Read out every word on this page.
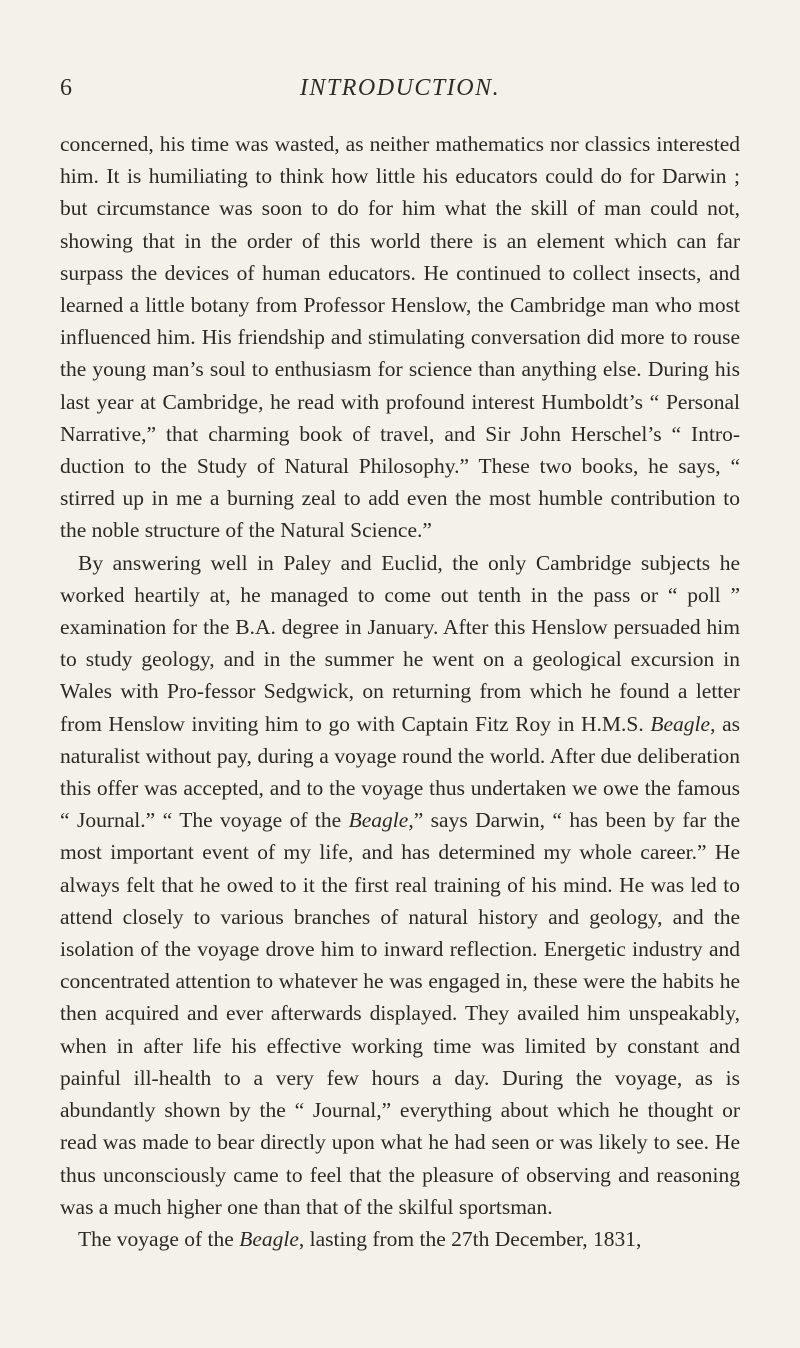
6	INTRODUCTION.

concerned, his time was wasted, as neither mathematics nor classics interested him. It is humiliating to think how little his educators could do for Darwin ; but circumstance was soon to do for him what the skill of man could not, showing that in the order of this world there is an element which can far surpass the devices of human educators. He continued to collect insects, and learned a little botany from Professor Henslow, the Cambridge man who most influenced him. His friendship and stimulating conversation did more to rouse the young man’s soul to enthusiasm for science than anything else. During his last year at Cambridge, he read with profound interest Humboldt’s “ Personal Narrative,” that charming book of travel, and Sir John Herschel’s “ Intro-duction to the Study of Natural Philosophy.” These two books, he says, “ stirred up in me a burning zeal to add even the most humble contribution to the noble structure of the Natural Science.”

By answering well in Paley and Euclid, the only Cambridge subjects he worked heartily at, he managed to come out tenth in the pass or “ poll ” examination for the B.A. degree in January. After this Henslow persuaded him to study geology, and in the summer he went on a geological excursion in Wales with Pro-fessor Sedgwick, on returning from which he found a letter from Henslow inviting him to go with Captain Fitz Roy in H.M.S. Beagle, as naturalist without pay, during a voyage round the world. After due deliberation this offer was accepted, and to the voyage thus undertaken we owe the famous “ Journal.” “ The voyage of the Beagle,” says Darwin, “ has been by far the most important event of my life, and has determined my whole career.” He always felt that he owed to it the first real training of his mind. He was led to attend closely to various branches of natural history and geology, and the isolation of the voyage drove him to inward reflection. Energetic industry and concentrated attention to whatever he was engaged in, these were the habits he then acquired and ever afterwards displayed. They availed him unspeakably, when in after life his effective working time was limited by constant and painful ill-health to a very few hours a day. During the voyage, as is abundantly shown by the “ Journal,” everything about which he thought or read was made to bear directly upon what he had seen or was likely to see. He thus unconsciously came to feel that the pleasure of observing and reasoning was a much higher one than that of the skilful sportsman.

The voyage of the Beagle, lasting from the 27th December, 1831,
